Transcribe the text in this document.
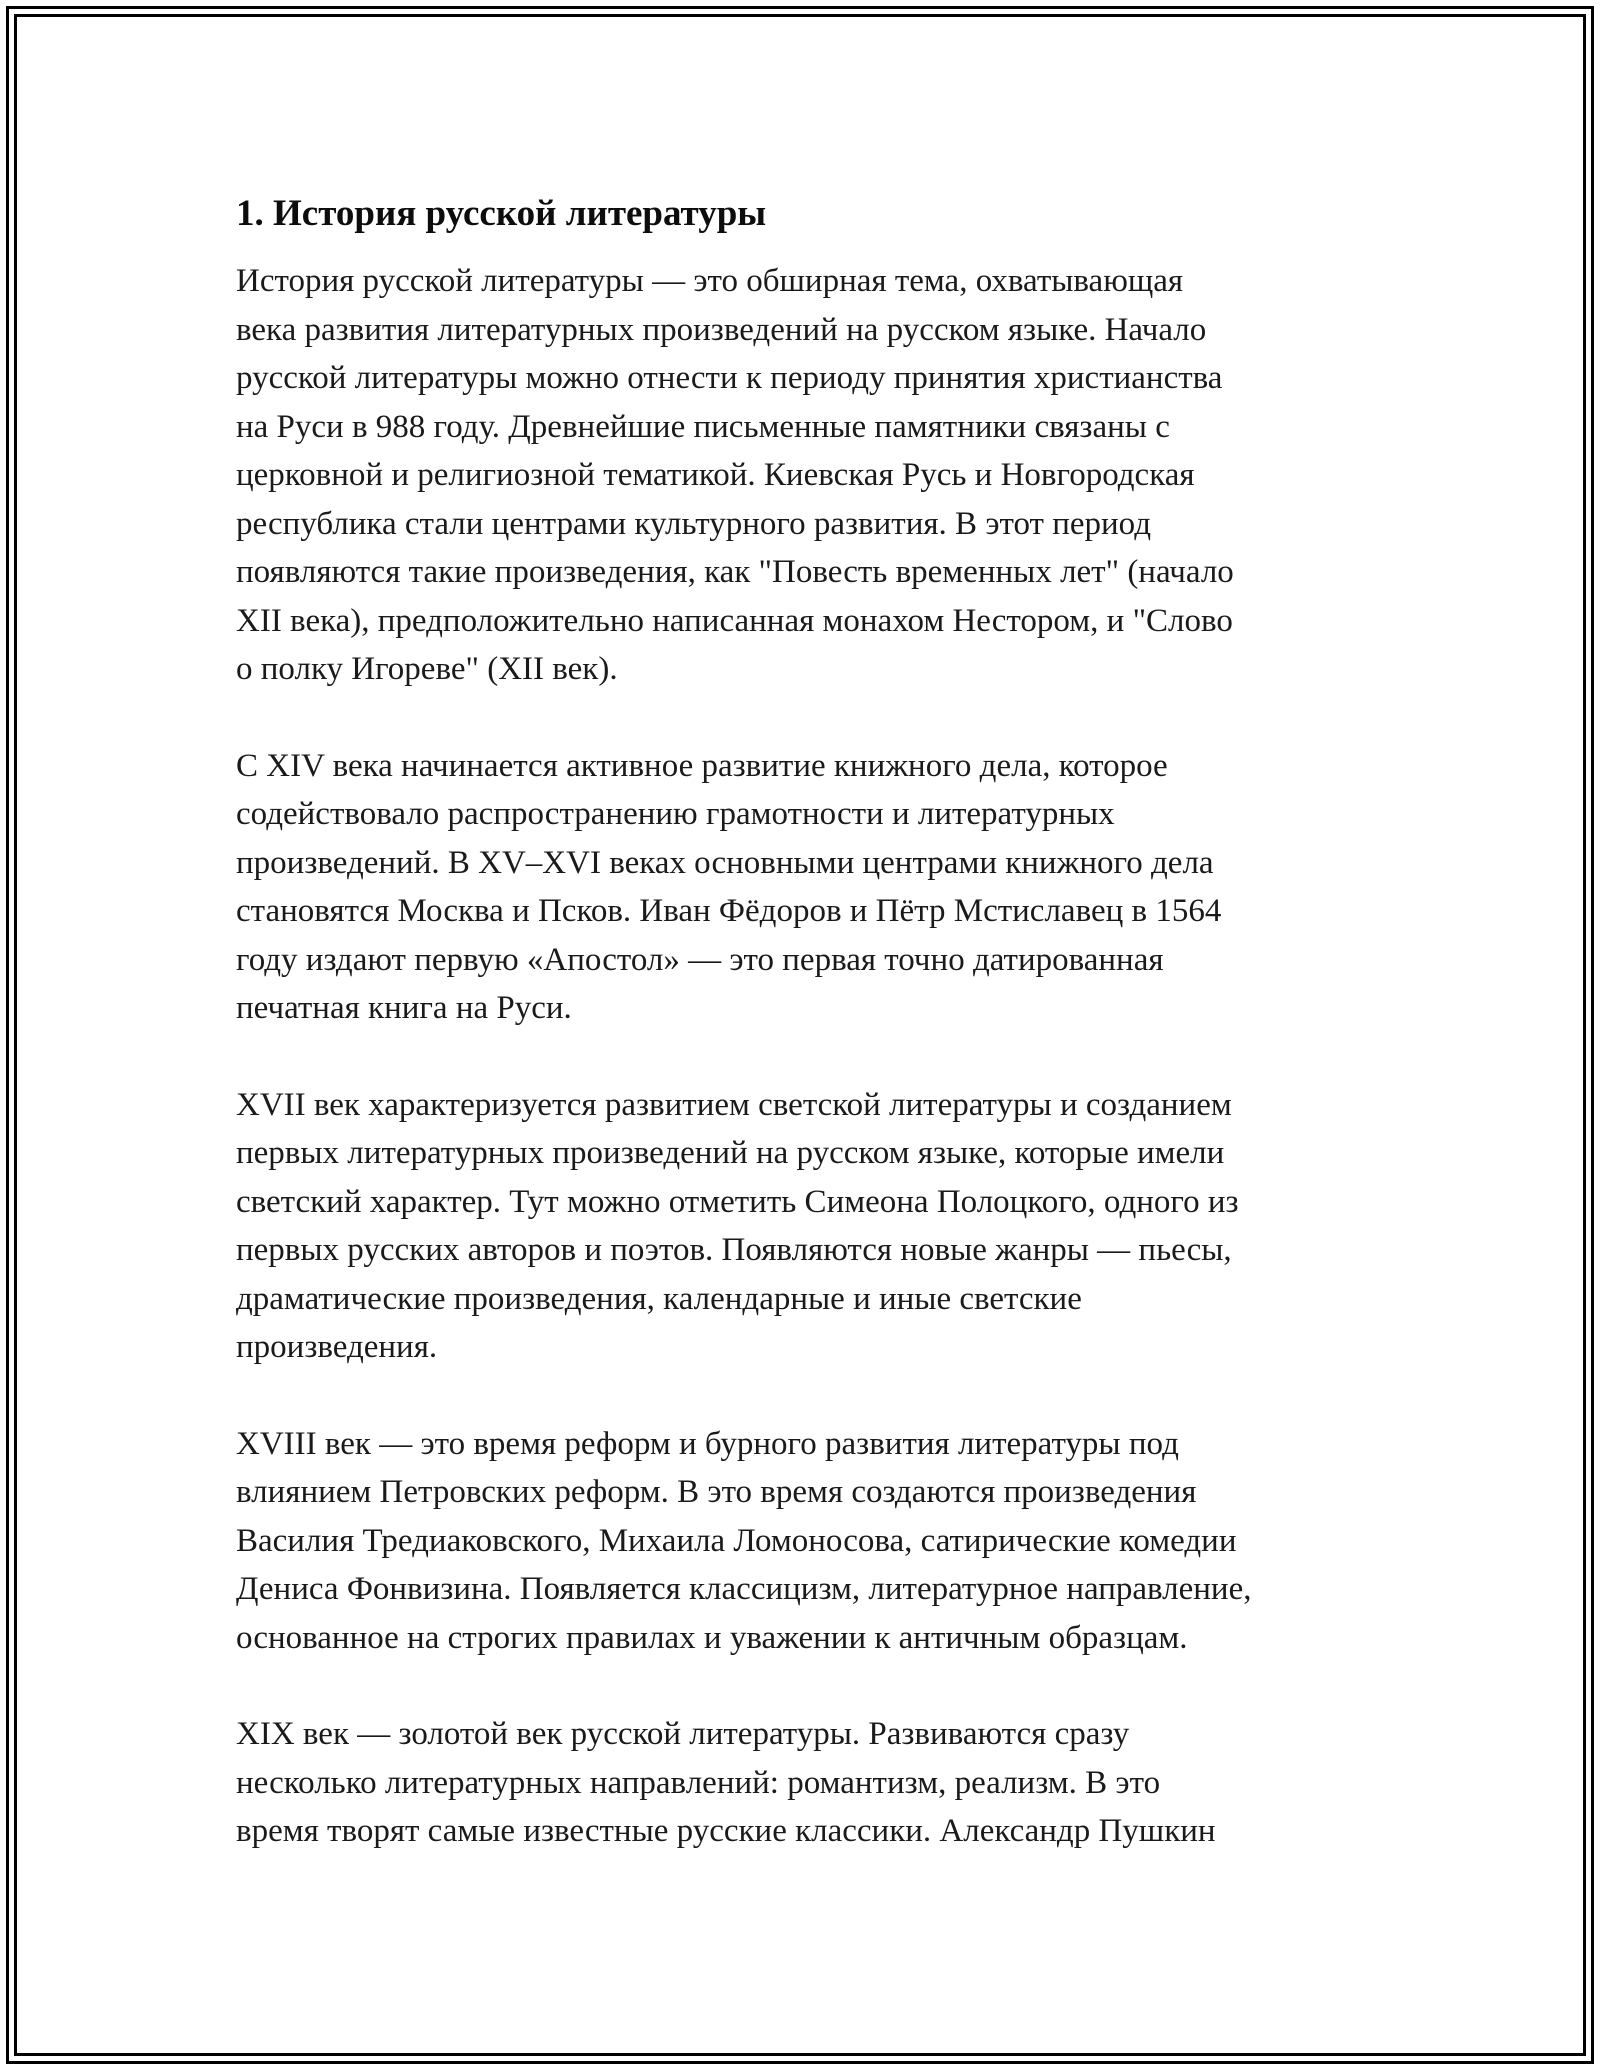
1. История русской литературы

История русской литературы — это обширная тема, охватывающая
века развития литературных произведений на русском языке. Начало
русской литературы можно отнести к периоду принятия христианства
на Руси в 988 году. Древнейшие письменные памятники связаны с
церковной и религиозной тематикой. Киевская Русь и Новгородская
республика стали центрами культурного развития. В этот период
появляются такие произведения, как "Повесть временных лет" (начало
XII века), предположительно написанная монахом Нестором, и "Слово
о полку Игореве" (XII век).

С XIV века начинается активное развитие книжного дела, которое
содействовало распространению грамотности и литературных
произведений. В XV–XVI веках основными центрами книжного дела
становятся Москва и Псков. Иван Фёдоров и Пётр Мстиславец в 1564
году издают первую «Апостол» — это первая точно датированная
печатная книга на Руси.

XVII век характеризуется развитием светской литературы и созданием
первых литературных произведений на русском языке, которые имели
светский характер. Тут можно отметить Симеона Полоцкого, одного из
первых русских авторов и поэтов. Появляются новые жанры — пьесы,
драматические произведения, календарные и иные светские
произведения.

XVIII век — это время реформ и бурного развития литературы под
влиянием Петровских реформ. В это время создаются произведения
Василия Тредиаковского, Михаила Ломоносова, сатирические комедии
Дениса Фонвизина. Появляется классицизм, литературное направление,
основанное на строгих правилах и уважении к античным образцам.

XIX век — золотой век русской литературы. Развиваются сразу
несколько литературных направлений: романтизм, реализм. В это
время творят самые известные русские классики. Александр Пушкин
